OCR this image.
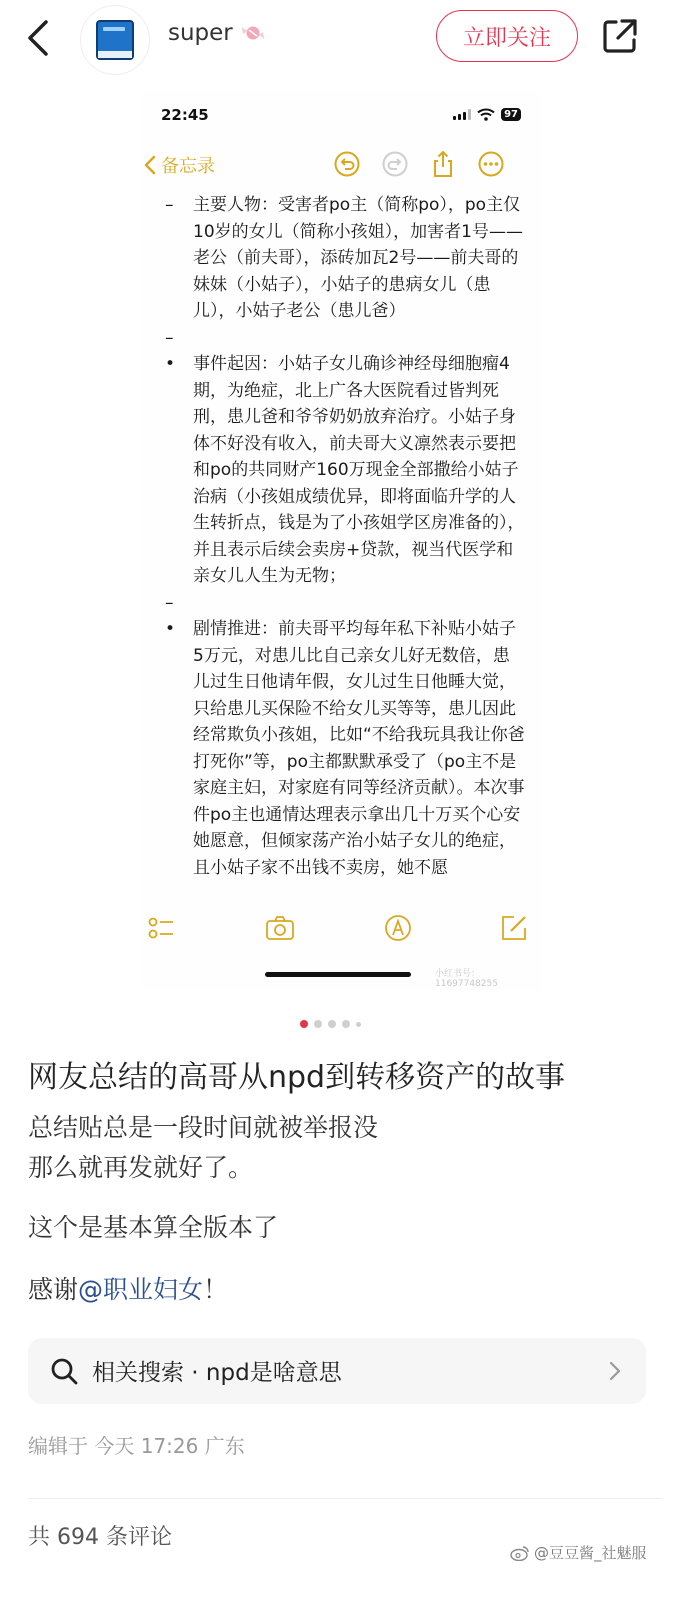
super	立即关注
22:45	97
备忘录
–	主要人物：受害者po主（简称po），po主仅10岁的女儿（简称小孩姐），加害者1号——老公（前夫哥），添砖加瓦2号——前夫哥的妹妹（小姑子），小姑子的患病女儿（患儿），小姑子老公（患儿爸）
–
•	事件起因：小姑子女儿确诊神经母细胞瘤4期，为绝症，北上广各大医院看过皆判死刑，患儿爸和爷爷奶奶放弃治疗。小姑子身体不好没有收入，前夫哥大义凛然表示要把和po的共同财产160万现金全部撒给小姑子治病（小孩姐成绩优异，即将面临升学的人生转折点，钱是为了小孩姐学区房准备的），并且表示后续会卖房+贷款，视当代医学和亲女儿人生为无物；
–
•	剧情推进：前夫哥平均每年私下补贴小姑子5万元，对患儿比自己亲女儿好无数倍，患儿过生日他请年假，女儿过生日他睡大觉，只给患儿买保险不给女儿买等等，患儿因此经常欺负小孩姐，比如“不给我玩具我让你爸打死你”等，po主都默默承受了（po主不是家庭主妇，对家庭有同等经济贡献）。本次事件po主也通情达理表示拿出几十万买个心安她愿意，但倾家荡产治小姑子女儿的绝症，且小姑子家不出钱不卖房，她不愿
小红书号：11697748255
网友总结的高哥从npd到转移资产的故事
总结贴总是一段时间就被举报没
那么就再发就好了。
这个是基本算全版本了
感谢@职业妇女！
相关搜索 · npd是啥意思
编辑于 今天 17:26 广东
共 694 条评论
@豆豆酱_社魅服
